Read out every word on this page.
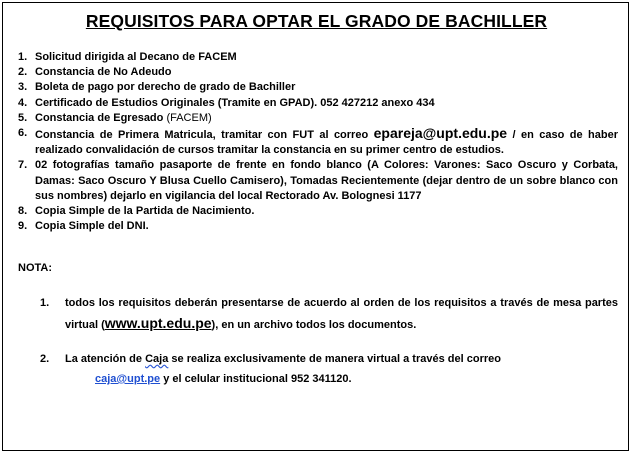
REQUISITOS PARA OPTAR EL GRADO DE BACHILLER
1. Solicitud dirigida al Decano de FACEM
2. Constancia de No Adeudo
3. Boleta de pago por derecho de grado de Bachiller
4. Certificado de Estudios Originales (Tramite en GPAD). 052 427212 anexo 434
5. Constancia de Egresado (FACEM)
6. Constancia de Primera Matricula, tramitar con FUT al correo epareja@upt.edu.pe / en caso de haber realizado convalidación de cursos tramitar la constancia en su primer centro de estudios.
7. 02 fotografías tamaño pasaporte de frente en fondo blanco (A Colores: Varones: Saco Oscuro y Corbata, Damas: Saco Oscuro Y Blusa Cuello Camisero), Tomadas Recientemente (dejar dentro de un sobre blanco con sus nombres) dejarlo en vigilancia del local Rectorado Av. Bolognesi 1177
8. Copia Simple de la Partida de Nacimiento.
9. Copia Simple del DNI.
NOTA:
1. todos los requisitos deberán presentarse de acuerdo al orden de los requisitos a través de mesa partes virtual (www.upt.edu.pe), en un archivo todos los documentos.
2. La atención de Caja se realiza exclusivamente de manera virtual a través del correo
caja@upt.pe y el celular institucional 952 341120.
